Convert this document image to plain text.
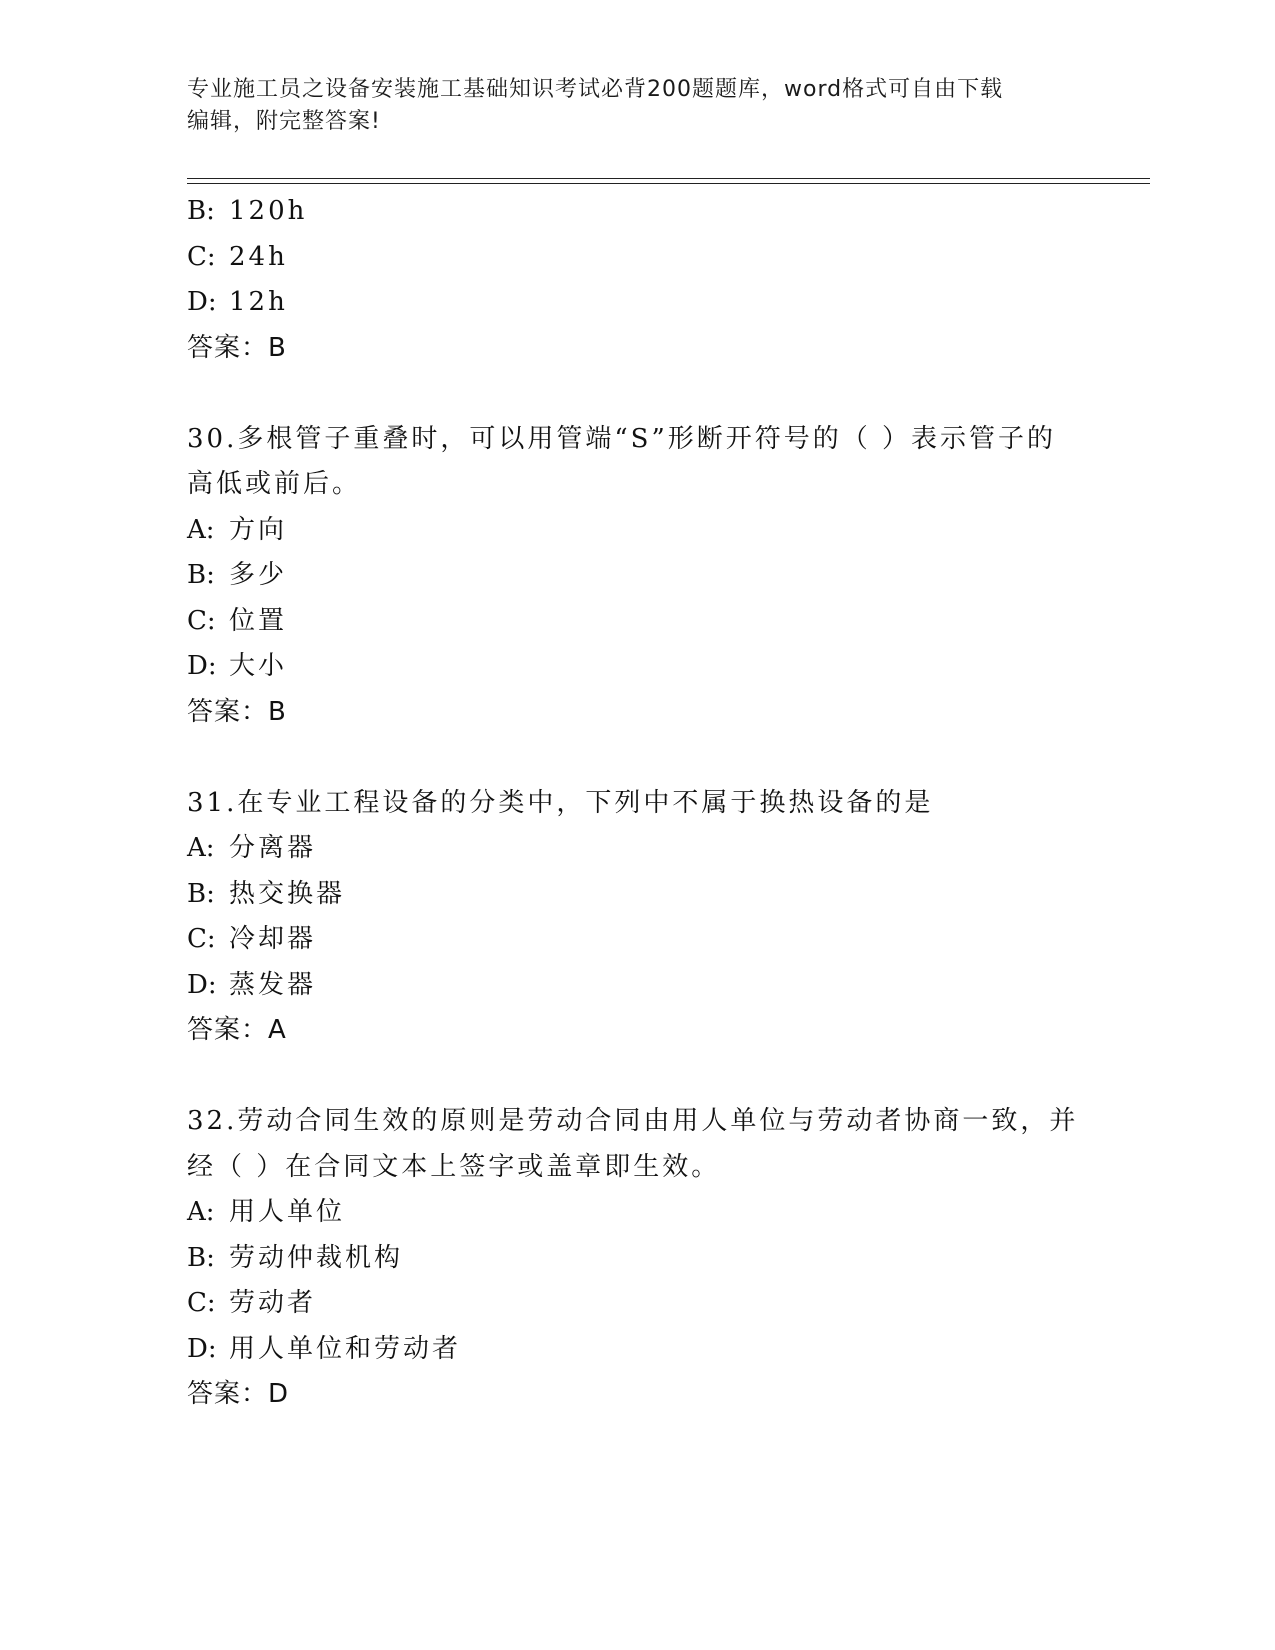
专业施工员之设备安装施工基础知识考试必背200题题库，word格式可自由下载
编辑，附完整答案!
B: 120h
C: 24h
D: 12h
答案：B
30.多根管子重叠时，可以用管端“S”形断开符号的（ ）表示管子的
高低或前后。
A: 方向
B: 多少
C: 位置
D: 大小
答案：B
31.在专业工程设备的分类中，下列中不属于换热设备的是
A: 分离器
B: 热交换器
C: 冷却器
D: 蒸发器
答案：A
32.劳动合同生效的原则是劳动合同由用人单位与劳动者协商一致，并
经（ ）在合同文本上签字或盖章即生效。
A: 用人单位
B: 劳动仲裁机构
C: 劳动者
D: 用人单位和劳动者
答案：D
